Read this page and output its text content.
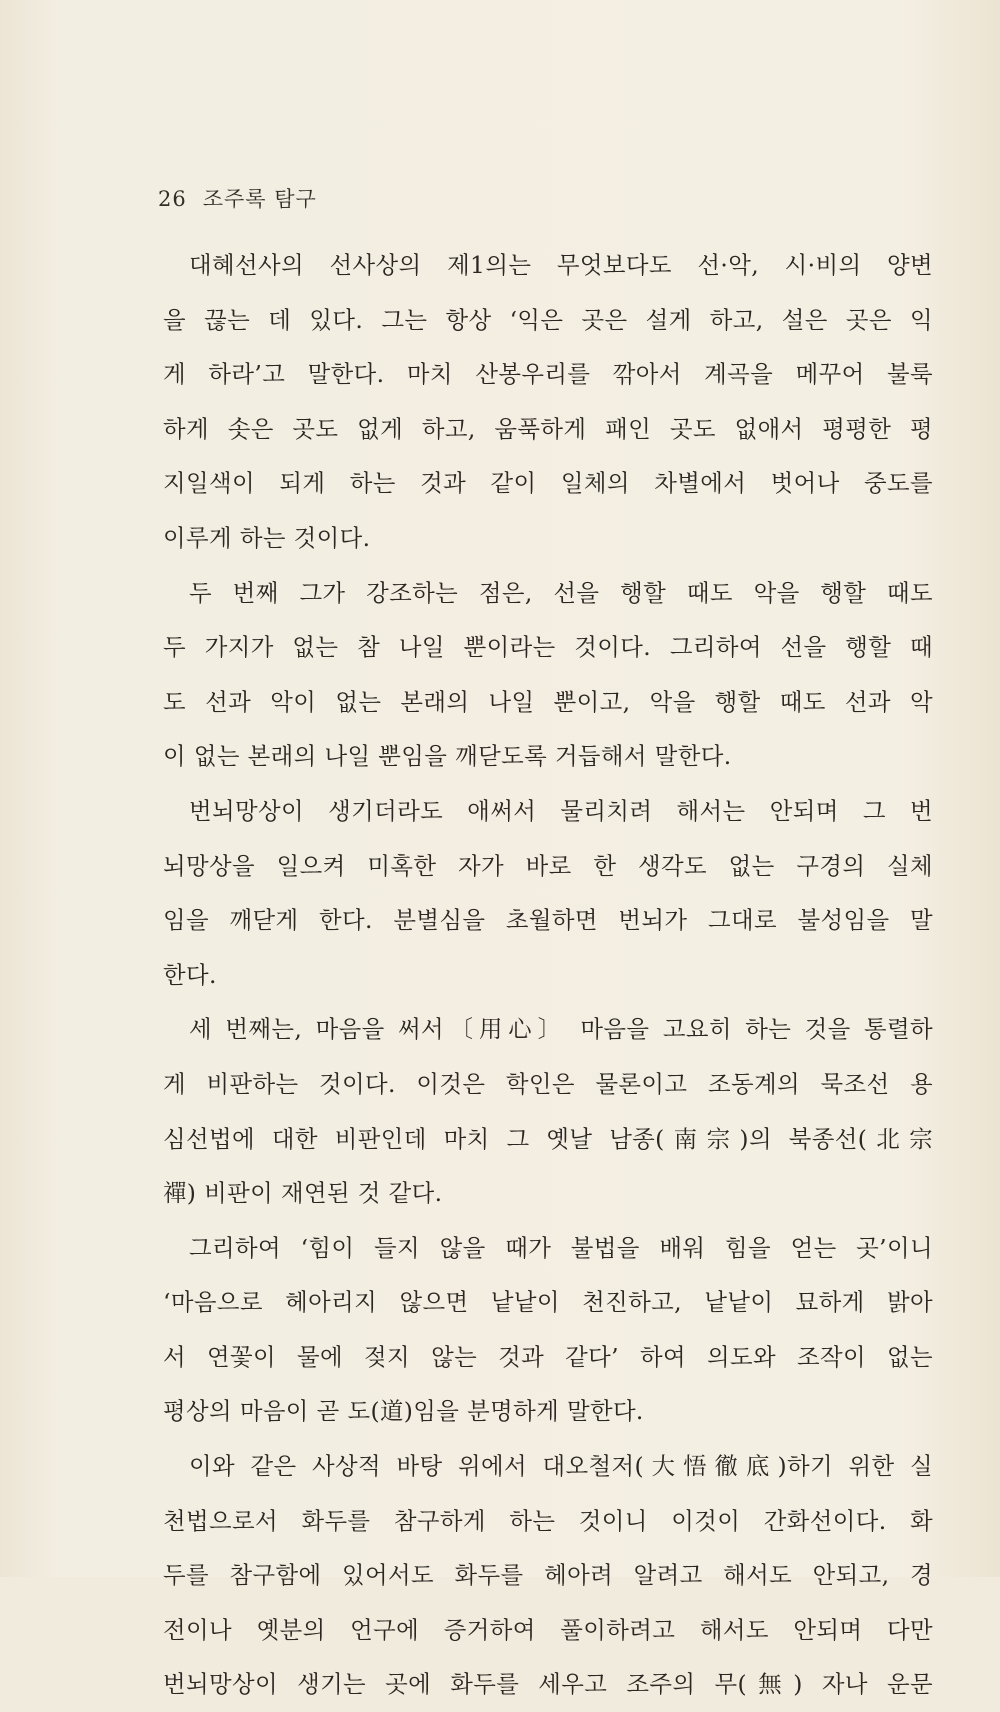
26 조주록 탐구
대혜선사의 선사상의 제1의는 무엇보다도 선·악, 시·비의 양변
을 끊는 데 있다. 그는 항상 ‘익은 곳은 설게 하고, 설은 곳은 익
게 하라’고 말한다. 마치 산봉우리를 깎아서 계곡을 메꾸어 불룩
하게 솟은 곳도 없게 하고, 움푹하게 패인 곳도 없애서 평평한 평
지일색이 되게 하는 것과 같이 일체의 차별에서 벗어나 중도를
이루게 하는 것이다.
두 번째 그가 강조하는 점은, 선을 행할 때도 악을 행할 때도
두 가지가 없는 참 나일 뿐이라는 것이다. 그리하여 선을 행할 때
도 선과 악이 없는 본래의 나일 뿐이고, 악을 행할 때도 선과 악
이 없는 본래의 나일 뿐임을 깨닫도록 거듭해서 말한다.
번뇌망상이 생기더라도 애써서 물리치려 해서는 안되며 그 번
뇌망상을 일으켜 미혹한 자가 바로 한 생각도 없는 구경의 실체
임을 깨닫게 한다. 분별심을 초월하면 번뇌가 그대로 불성임을 말
한다.
세 번째는, 마음을 써서〔用心〕 마음을 고요히 하는 것을 통렬하
게 비판하는 것이다. 이것은 학인은 물론이고 조동계의 묵조선 용
심선법에 대한 비판인데 마치 그 옛날 남종(南宗)의 북종선(北宗
禪) 비판이 재연된 것 같다.
그리하여 ‘힘이 들지 않을 때가 불법을 배워 힘을 얻는 곳’이니
‘마음으로 헤아리지 않으면 낱낱이 천진하고, 낱낱이 묘하게 밝아
서 연꽃이 물에 젖지 않는 것과 같다’ 하여 의도와 조작이 없는
평상의 마음이 곧 도(道)임을 분명하게 말한다.
이와 같은 사상적 바탕 위에서 대오철저(大悟徹底)하기 위한 실
천법으로서 화두를 참구하게 하는 것이니 이것이 간화선이다. 화
두를 참구함에 있어서도 화두를 헤아려 알려고 해서도 안되고, 경
전이나 옛분의 언구에 증거하여 풀이하려고 해서도 안되며 다만
번뇌망상이 생기는 곳에 화두를 세우고 조주의 무(無) 자나 운문
